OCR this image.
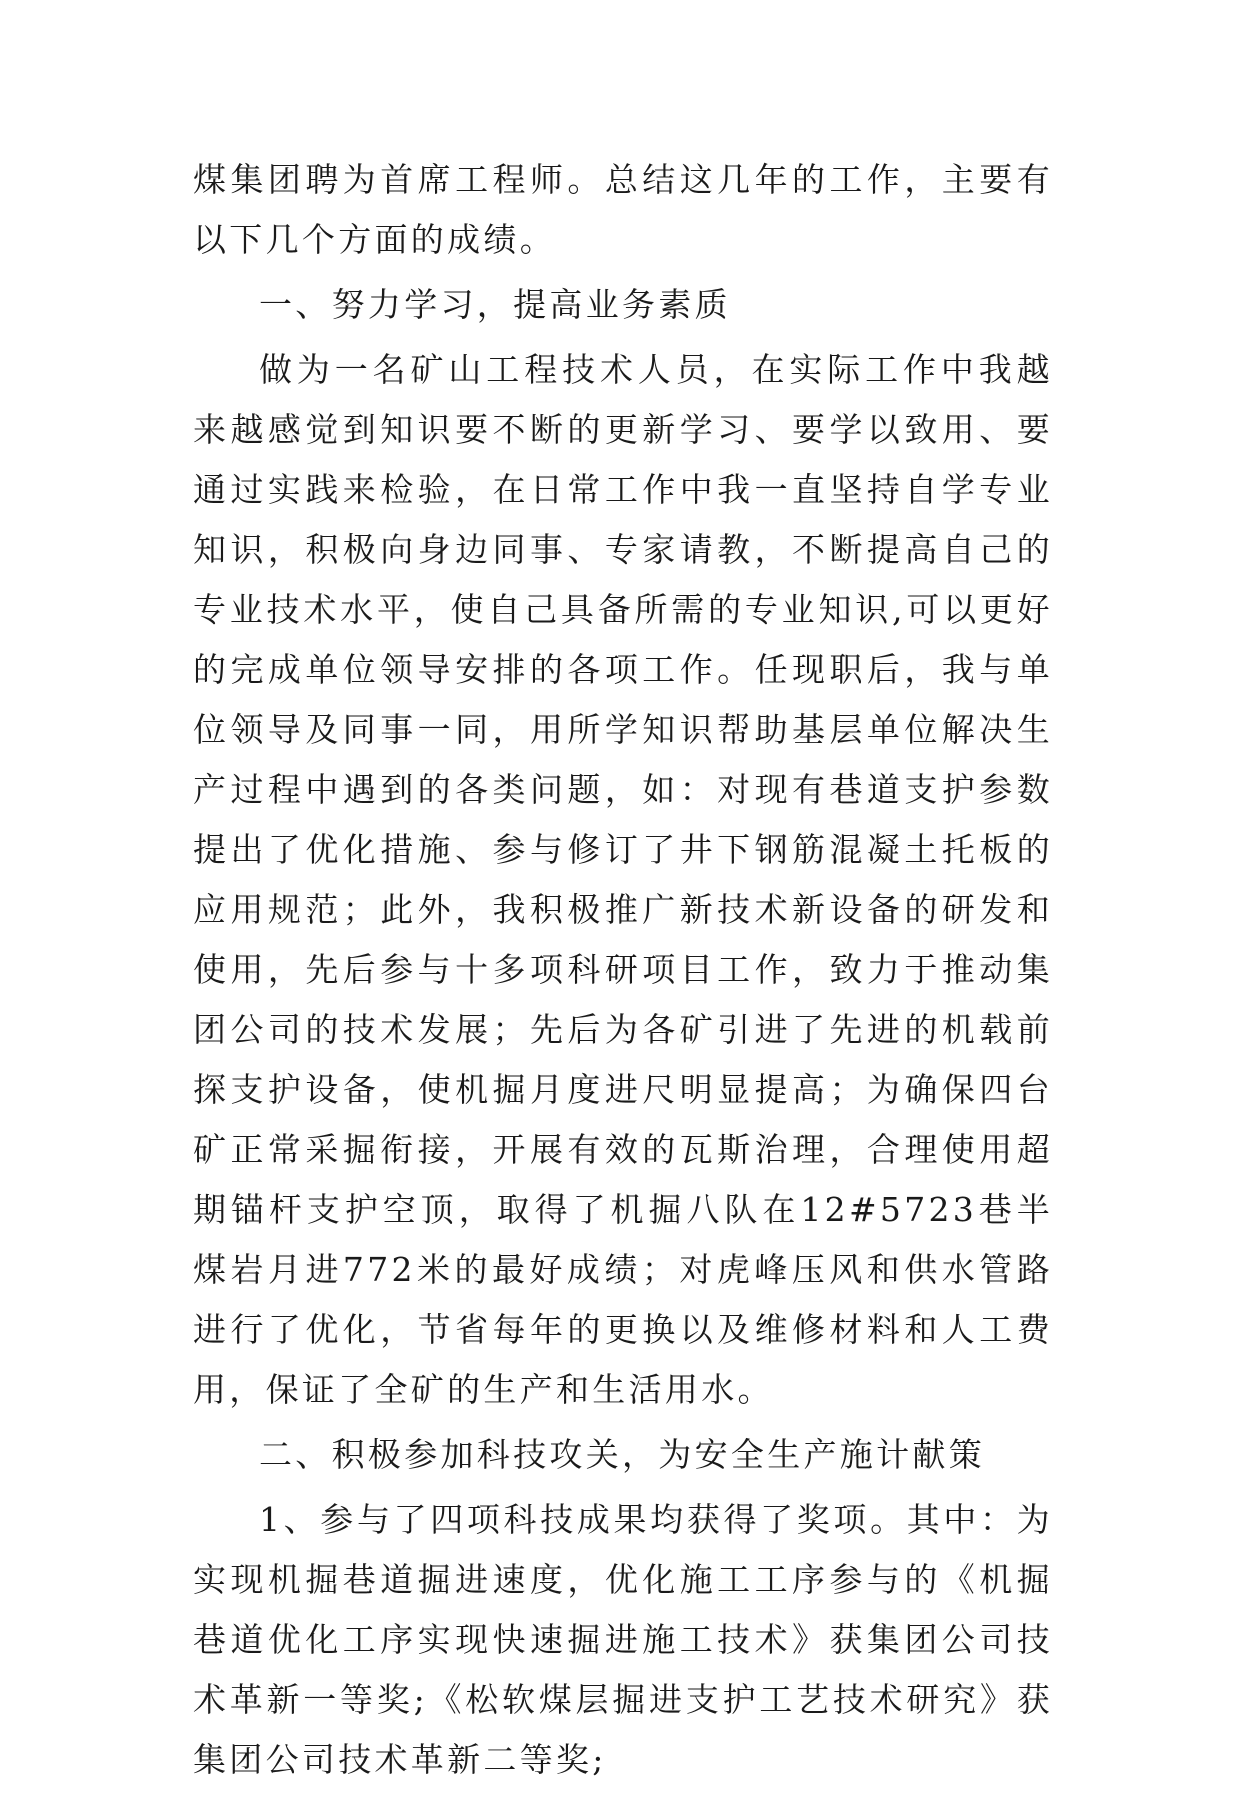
煤集团聘为首席工程师。总结这几年的工作，主要有以下几个方面的成绩。

一、努力学习，提高业务素质

做为一名矿山工程技术人员，在实际工作中我越来越感觉到知识要不断的更新学习、要学以致用、要通过实践来检验，在日常工作中我一直坚持自学专业知识，积极向身边同事、专家请教，不断提高自己的专业技术水平，使自己具备所需的专业知识,可以更好的完成单位领导安排的各项工作。任现职后，我与单位领导及同事一同，用所学知识帮助基层单位解决生产过程中遇到的各类问题，如：对现有巷道支护参数提出了优化措施、参与修订了井下钢筋混凝土托板的应用规范；此外，我积极推广新技术新设备的研发和使用，先后参与十多项科研项目工作，致力于推动集团公司的技术发展；先后为各矿引进了先进的机载前探支护设备，使机掘月度进尺明显提高；为确保四台矿正常采掘衔接，开展有效的瓦斯治理，合理使用超期锚杆支护空顶，取得了机掘八队在12#5723巷半煤岩月进772米的最好成绩；对虎峰压风和供水管路进行了优化，节省每年的更换以及维修材料和人工费用，保证了全矿的生产和生活用水。

二、积极参加科技攻关，为安全生产施计献策

1、参与了四项科技成果均获得了奖项。其中：为实现机掘巷道掘进速度，优化施工工序参与的《机掘巷道优化工序实现快速掘进施工技术》获集团公司技术革新一等奖;《松软煤层掘进支护工艺技术研究》获集团公司技术革新二等奖;
